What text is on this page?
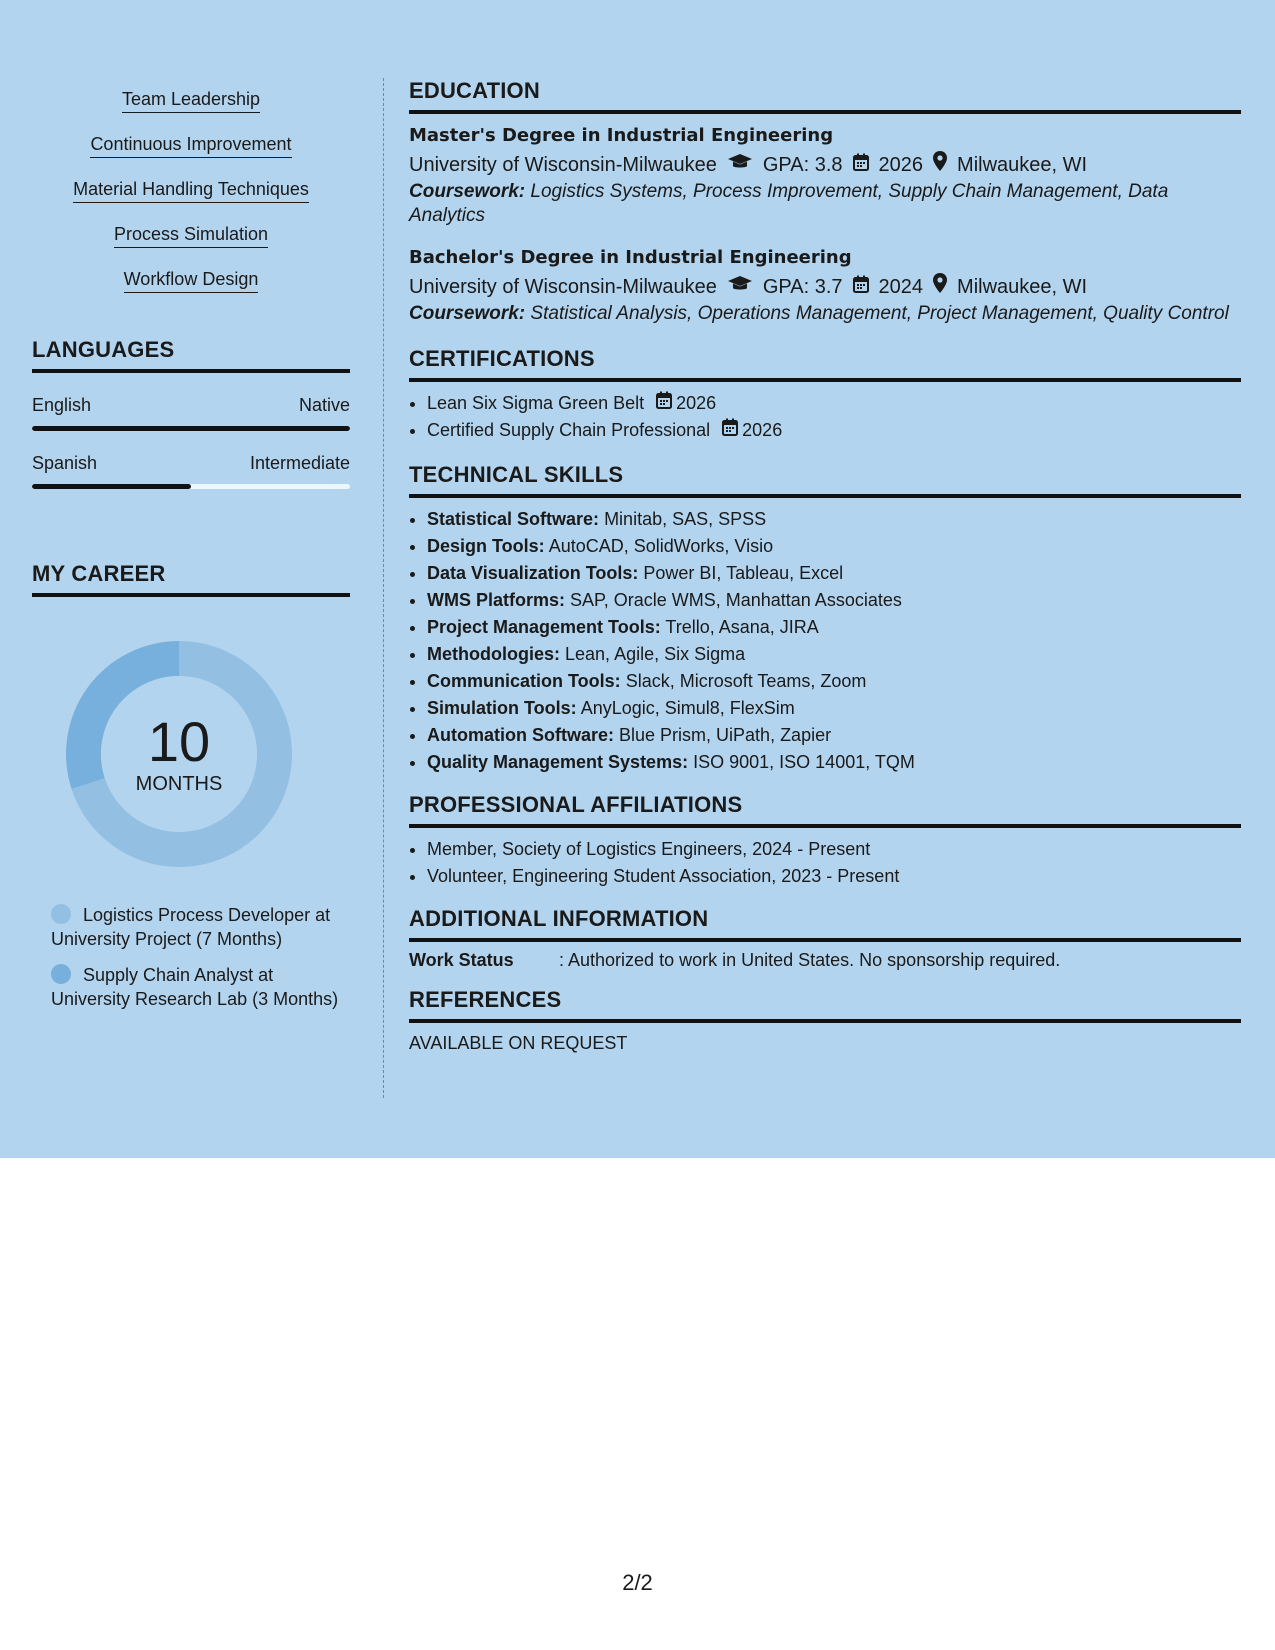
Team Leadership
Continuous Improvement
Material Handling Techniques
Process Simulation
Workflow Design
LANGUAGES
English	Native
Spanish	Intermediate
MY CAREER
10
MONTHS
Logistics Process Developer at University Project (7 Months)
Supply Chain Analyst at University Research Lab (3 Months)
EDUCATION
Master's Degree in Industrial Engineering
University of Wisconsin-Milwaukee GPA: 3.8 2026 Milwaukee, WI
Coursework: Logistics Systems, Process Improvement, Supply Chain Management, Data Analytics
Bachelor's Degree in Industrial Engineering
University of Wisconsin-Milwaukee GPA: 3.7 2024 Milwaukee, WI
Coursework: Statistical Analysis, Operations Management, Project Management, Quality Control
CERTIFICATIONS
• Lean Six Sigma Green Belt 2026
• Certified Supply Chain Professional 2026
TECHNICAL SKILLS
• Statistical Software: Minitab, SAS, SPSS
• Design Tools: AutoCAD, SolidWorks, Visio
• Data Visualization Tools: Power BI, Tableau, Excel
• WMS Platforms: SAP, Oracle WMS, Manhattan Associates
• Project Management Tools: Trello, Asana, JIRA
• Methodologies: Lean, Agile, Six Sigma
• Communication Tools: Slack, Microsoft Teams, Zoom
• Simulation Tools: AnyLogic, Simul8, FlexSim
• Automation Software: Blue Prism, UiPath, Zapier
• Quality Management Systems: ISO 9001, ISO 14001, TQM
PROFESSIONAL AFFILIATIONS
• Member, Society of Logistics Engineers, 2024 - Present
• Volunteer, Engineering Student Association, 2023 - Present
ADDITIONAL INFORMATION
Work Status	: Authorized to work in United States. No sponsorship required.
REFERENCES
AVAILABLE ON REQUEST
2/2
